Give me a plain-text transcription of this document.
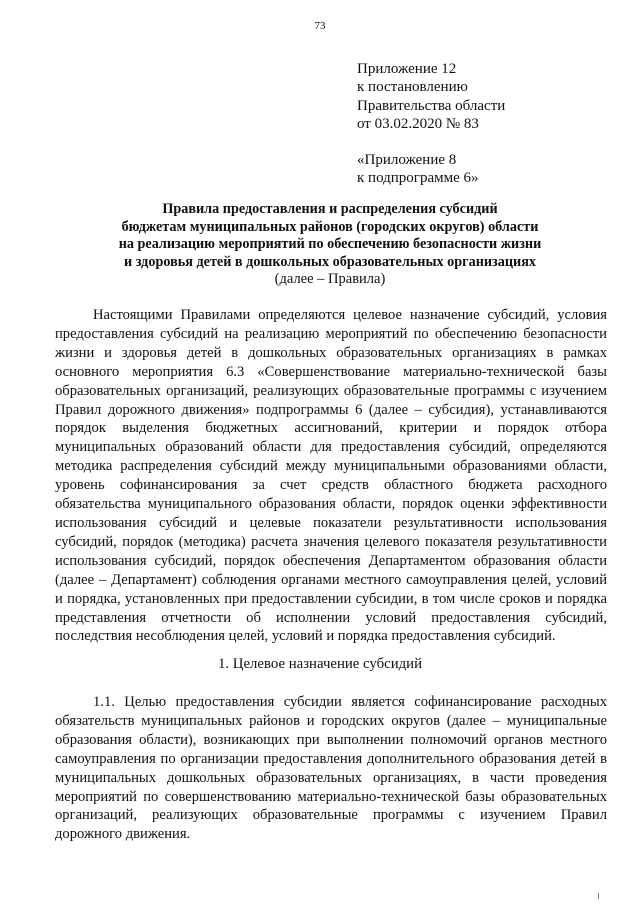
73
Приложение 12
к постановлению
Правительства области
от 03.02.2020 № 83
«Приложение 8
к подпрограмме 6»
Правила предоставления и распределения субсидий
бюджетам муниципальных районов (городских округов) области
на реализацию мероприятий по обеспечению безопасности жизни
и здоровья детей в дошкольных образовательных организациях
(далее – Правила)

Настоящими Правилами определяются целевое назначение субсидий, условия предоставления субсидий на реализацию мероприятий по обеспечению безопасности жизни и здоровья детей в дошкольных образовательных организациях в рамках основного мероприятия 6.3 «Совершенствование материально-технической базы образовательных организаций, реализующих образовательные программы с изучением Правил дорожного движения» подпрограммы 6 (далее – субсидия), устанавливаются порядок выделения бюджетных ассигнований, критерии и порядок отбора муниципальных образований области для предоставления субсидий, определяются методика распределения субсидий между муниципальными образованиями области, уровень софинансирования за счет средств областного бюджета расходного обязательства муниципального образования области, порядок оценки эффективности использования субсидий и целевые показатели результативности использования субсидий, порядок (методика) расчета значения целевого показателя результативности использования субсидий, порядок обеспечения Департаментом образования области (далее – Департамент) соблюдения органами местного самоуправления целей, условий и порядка, установленных при предоставлении субсидии, в том числе сроков и порядка представления отчетности об исполнении условий предоставления субсидий, последствия несоблюдения целей, условий и порядка предоставления субсидий.

1. Целевое назначение субсидий

1.1. Целью предоставления субсидии является софинансирование расходных обязательств муниципальных районов и городских округов (далее – муниципальные образования области), возникающих при выполнении полномочий органов местного самоуправления по организации предоставления дополнительного образования детей в муниципальных дошкольных образовательных организациях, в части проведения мероприятий по совершенствованию материально-технической базы образовательных организаций, реализующих образовательные программы с изучением Правил дорожного движения.
